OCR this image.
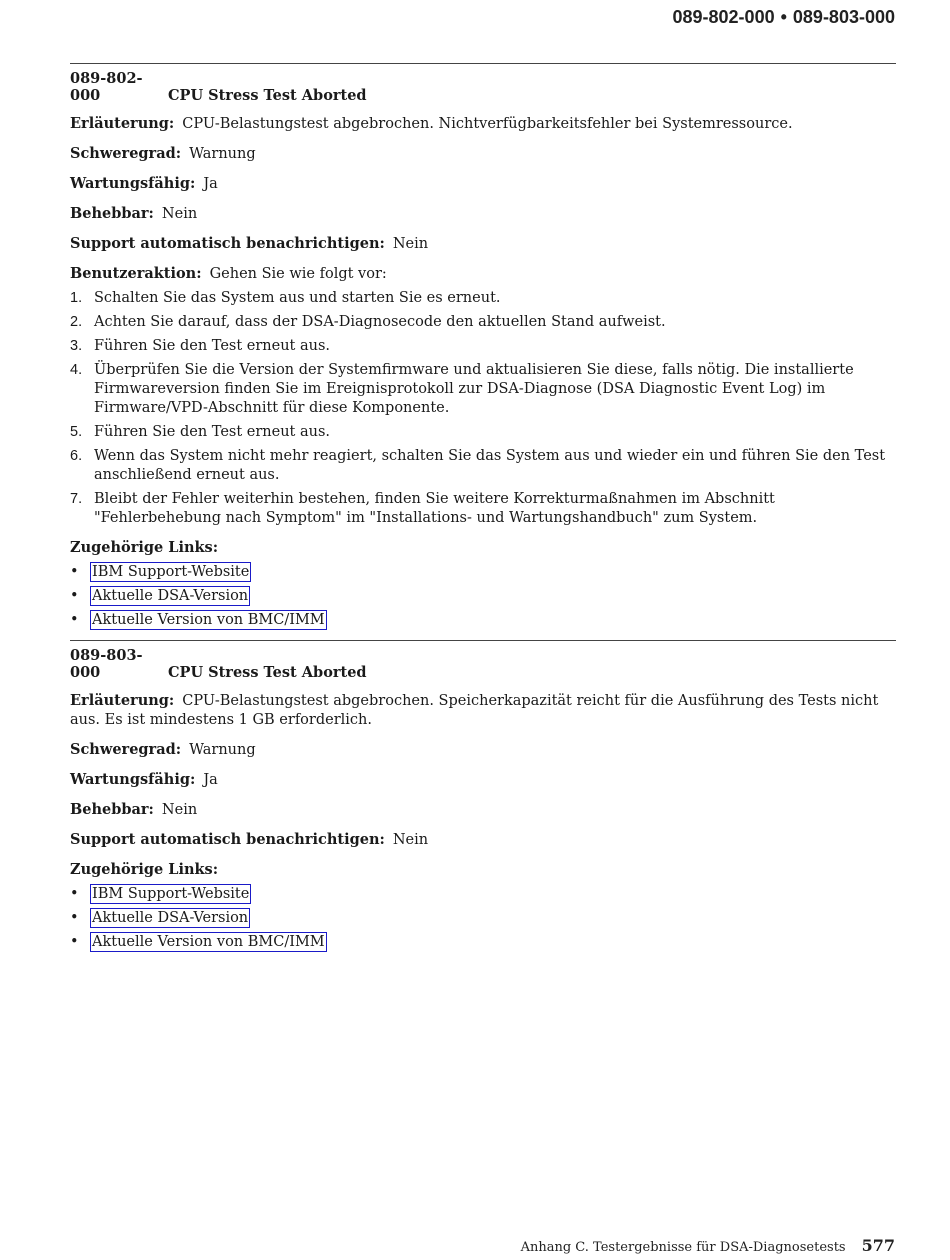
089-802-000 • 089-803-000

089-802-000	CPU Stress Test Aborted

Erläuterung: CPU-Belastungstest abgebrochen. Nichtverfügbarkeitsfehler bei Systemressource.

Schweregrad: Warnung

Wartungsfähig: Ja

Behebbar: Nein

Support automatisch benachrichtigen: Nein

Benutzeraktion: Gehen Sie wie folgt vor:

1. Schalten Sie das System aus und starten Sie es erneut.
2. Achten Sie darauf, dass der DSA-Diagnosecode den aktuellen Stand aufweist.
3. Führen Sie den Test erneut aus.
4. Überprüfen Sie die Version der Systemfirmware und aktualisieren Sie diese, falls nötig. Die installierte Firmwareversion finden Sie im Ereignisprotokoll zur DSA-Diagnose (DSA Diagnostic Event Log) im Firmware/VPD-Abschnitt für diese Komponente.
5. Führen Sie den Test erneut aus.
6. Wenn das System nicht mehr reagiert, schalten Sie das System aus und wieder ein und führen Sie den Test anschließend erneut aus.
7. Bleibt der Fehler weiterhin bestehen, finden Sie weitere Korrekturmaßnahmen im Abschnitt "Fehlerbehebung nach Symptom" im "Installations- und Wartungshandbuch" zum System.

Zugehörige Links:

• IBM Support-Website
• Aktuelle DSA-Version
• Aktuelle Version von BMC/IMM

089-803-000	CPU Stress Test Aborted

Erläuterung: CPU-Belastungstest abgebrochen. Speicherkapazität reicht für die Ausführung des Tests nicht aus. Es ist mindestens 1 GB erforderlich.

Schweregrad: Warnung

Wartungsfähig: Ja

Behebbar: Nein

Support automatisch benachrichtigen: Nein

Zugehörige Links:

• IBM Support-Website
• Aktuelle DSA-Version
• Aktuelle Version von BMC/IMM
Anhang C. Testergebnisse für DSA-Diagnosetests 577
